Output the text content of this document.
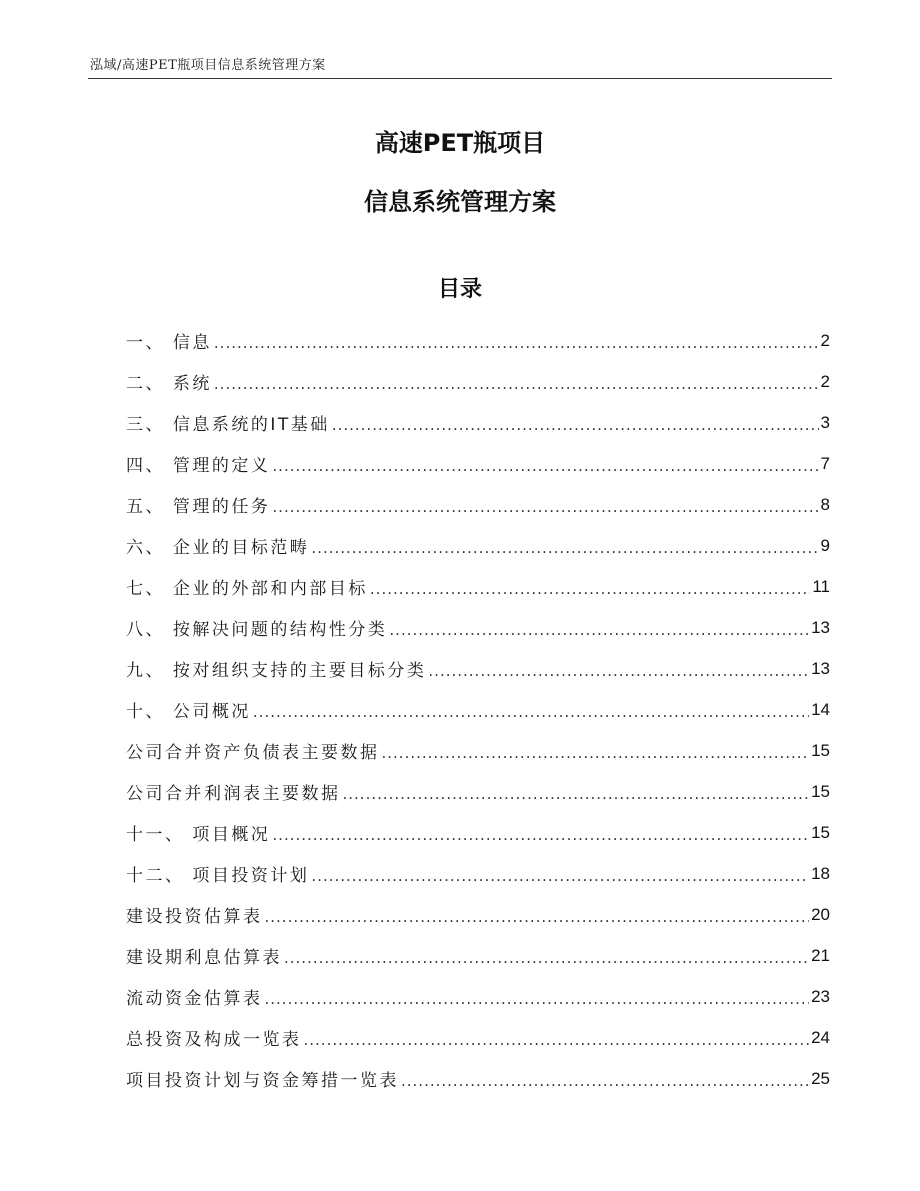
泓域/高速PET瓶项目信息系统管理方案
高速PET瓶项目
信息系统管理方案
目录
一、 信息 .....	2
二、 系统 .....	2
三、 信息系统的IT基础 .....	3
四、 管理的定义 .....	7
五、 管理的任务 .....	8
六、 企业的目标范畴 .....	9
七、 企业的外部和内部目标 .....	11
八、 按解决问题的结构性分类 .....	13
九、 按对组织支持的主要目标分类 .....	13
十、 公司概况 .....	14
公司合并资产负债表主要数据 .....	15
公司合并利润表主要数据 .....	15
十一、 项目概况 .....	15
十二、 项目投资计划 .....	18
建设投资估算表 .....	20
建设期利息估算表 .....	21
流动资金估算表 .....	23
总投资及构成一览表 .....	24
项目投资计划与资金筹措一览表 .....	25
